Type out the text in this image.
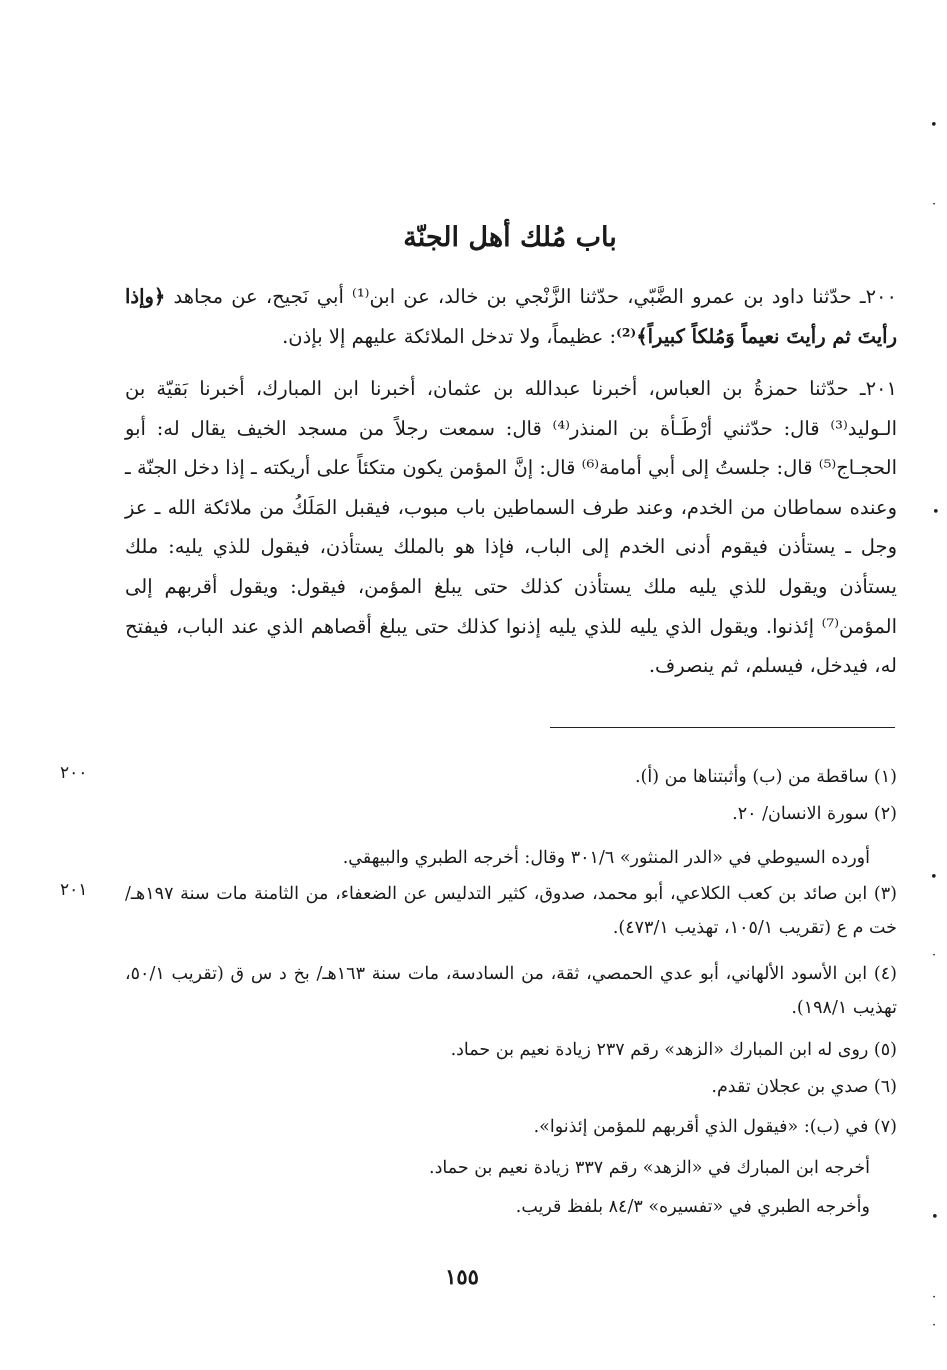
باب مُلك أهل الجنّة

٢٠٠ـ حدّثنا داود بن عمرو الضَّبّي، حدّثنا الزَّنْجي بن خالد، عن ابن⁽¹⁾ أبي نَجيح، عن مجاهد ﴿وإذا رأيتَ ثم رأيتَ نعيماً وَمُلكاً كبيراً﴾⁽²⁾: عظيماً، ولا تدخل الملائكة عليهم إلا بإذن.

٢٠١ـ حدّثنا حمزةُ بن العباس، أخبرنا عبدالله بن عثمان، أخبرنا ابن المبارك، أخبرنا بَقيّة بن الـوليد⁽³⁾ قال: حدّثني أرْطَـأة بن المنذر⁽⁴⁾ قال: سمعت رجلاً من مسجد الخيف يقال له: أبو الحجـاج⁽⁵⁾ قال: جلستُ إلى أبي أمامة⁽⁶⁾ قال: إنَّ المؤمن يكون متكئاً على أريكته ـ إذا دخل الجنّة ـ وعنده سماطان من الخدم، وعند طرف السماطين باب مبوب، فيقبل المَلَكُ من ملائكة الله ـ عز وجل ـ يستأذن فيقوم أدنى الخدم إلى الباب، فإذا هو بالملك يستأذن، فيقول للذي يليه: ملك يستأذن ويقول للذي يليه ملك يستأذن كذلك حتى يبلغ المؤمن، فيقول: ويقول أقربهم إلى المؤمن⁽⁷⁾ إئذنوا. ويقول الذي يليه للذي يليه إذنوا كذلك حتى يبلغ أقصاهم الذي عند الباب، فيفتح له، فيدخل، فيسلم، ثم ينصرف.

(١) ساقطة من (ب) وأثبتناها من (أ).

(٢) سورة الانسان/ ٢٠.

أورده السيوطي في «الدر المنثور» ٣٠١/٦ وقال: أخرجه الطبري والبيهقي.

(٣) ابن صائد بن كعب الكلاعي، أبو محمد، صدوق، كثير التدليس عن الضعفاء، من الثامنة مات سنة ١٩٧هـ/ خت م ع (تقريب ١٠٥/١، تهذيب ٤٧٣/١).

(٤) ابن الأسود الألهاني، أبو عدي الحمصي، ثقة، من السادسة، مات سنة ١٦٣هـ/ بخ د س ق (تقريب ٥٠/١، تهذيب ١٩٨/١).

(٥) روى له ابن المبارك «الزهد» رقم ٢٣٧ زيادة نعيم بن حماد.

(٦) صدي بن عجلان تقدم.

(٧) في (ب): «فيقول الذي أقربهم للمؤمن إئذنوا».

أخرجه ابن المبارك في «الزهد» رقم ٣٣٧ زيادة نعيم بن حماد.

وأخرجه الطبري في «تفسيره» ٨٤/٣ بلفظ قريب.

٢٠٠
٢٠١
١٥٥
•
·
•
•
·
•
·
·
